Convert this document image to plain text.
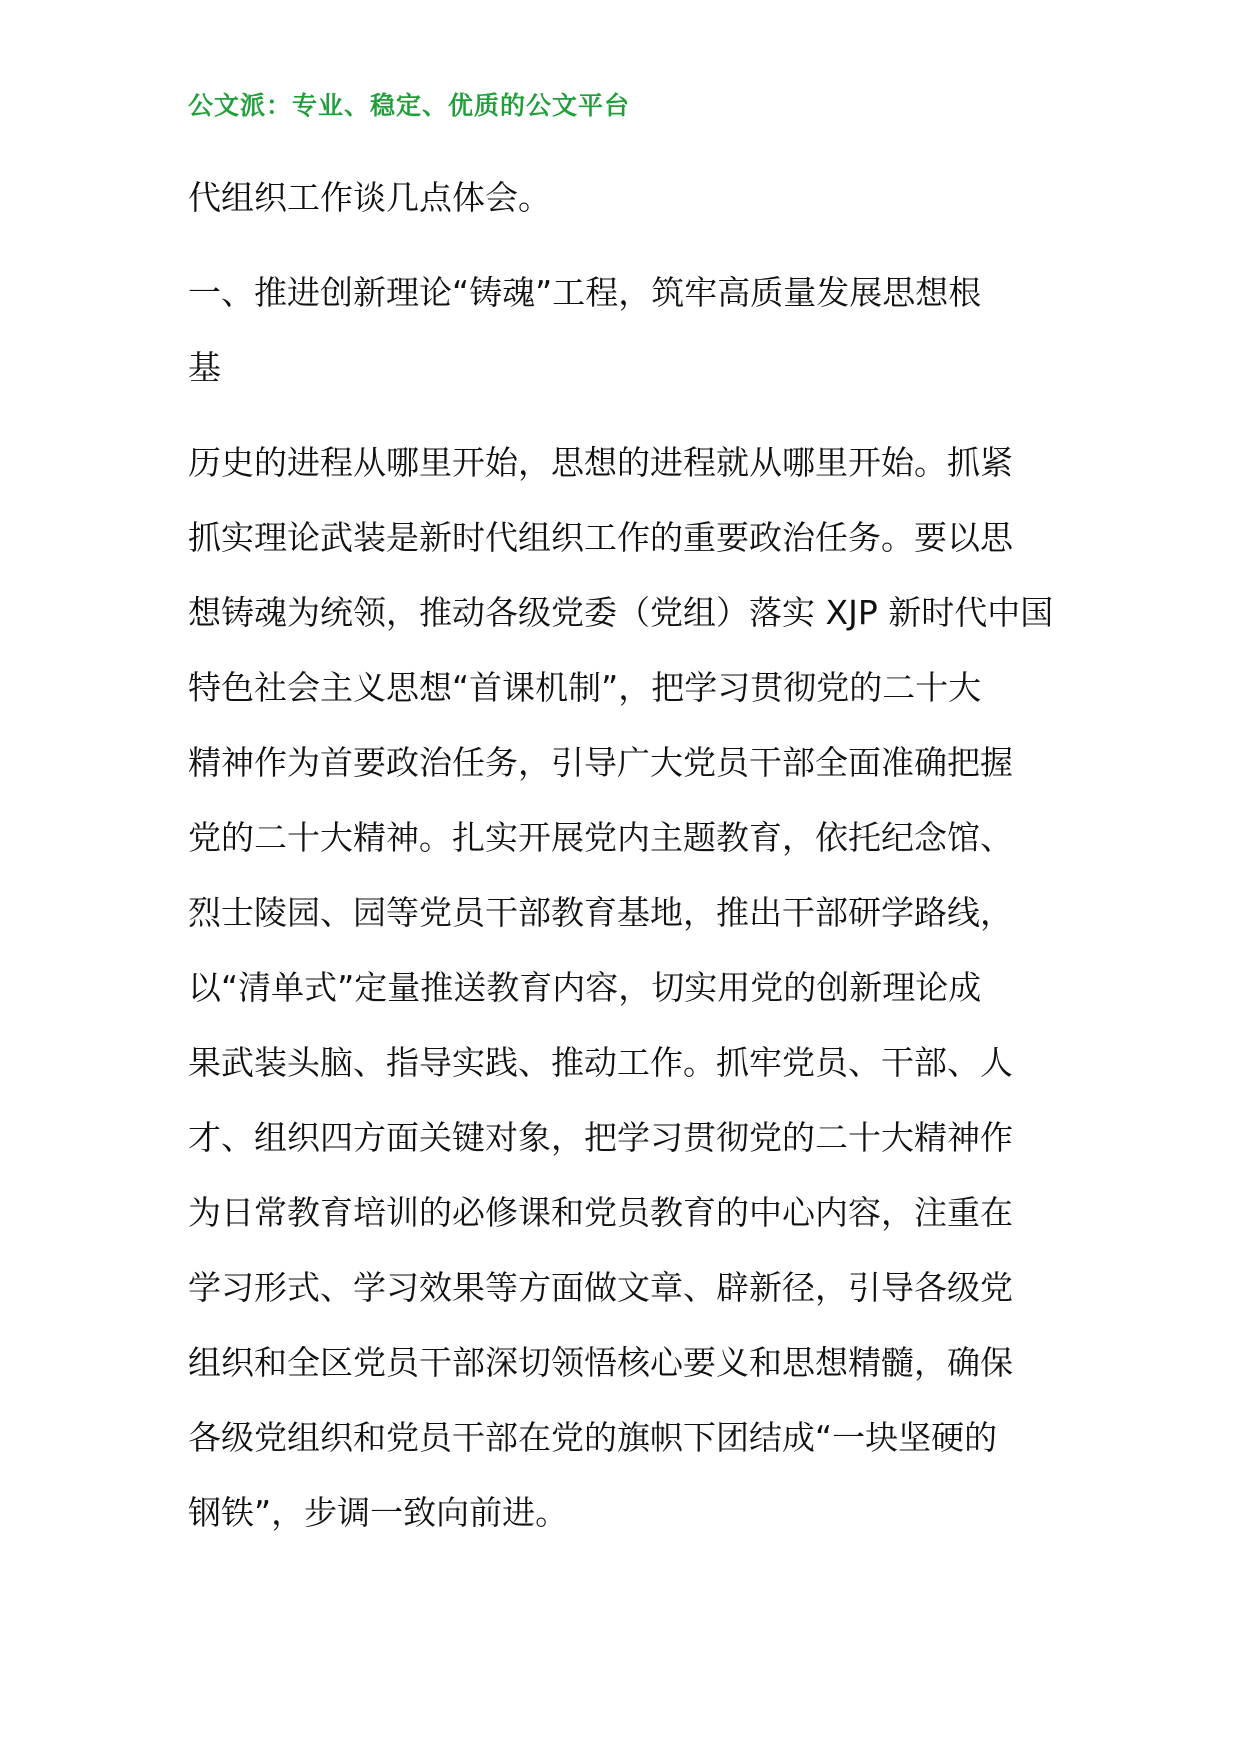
公文派：专业、稳定、优质的公文平台
代组织工作谈几点体会。
一、推进创新理论“铸魂”工程，筑牢高质量发展思想根
基
历史的进程从哪里开始，思想的进程就从哪里开始。抓紧
抓实理论武装是新时代组织工作的重要政治任务。要以思
想铸魂为统领，推动各级党委（党组）落实 XJP 新时代中国
特色社会主义思想“首课机制”，把学习贯彻党的二十大
精神作为首要政治任务，引导广大党员干部全面准确把握
党的二十大精神。扎实开展党内主题教育，依托纪念馆、
烈士陵园、园等党员干部教育基地，推出干部研学路线，
以“清单式”定量推送教育内容，切实用党的创新理论成
果武装头脑、指导实践、推动工作。抓牢党员、干部、人
才、组织四方面关键对象，把学习贯彻党的二十大精神作
为日常教育培训的必修课和党员教育的中心内容，注重在
学习形式、学习效果等方面做文章、辟新径，引导各级党
组织和全区党员干部深切领悟核心要义和思想精髓，确保
各级党组织和党员干部在党的旗帜下团结成“一块坚硬的
钢铁”，步调一致向前进。
